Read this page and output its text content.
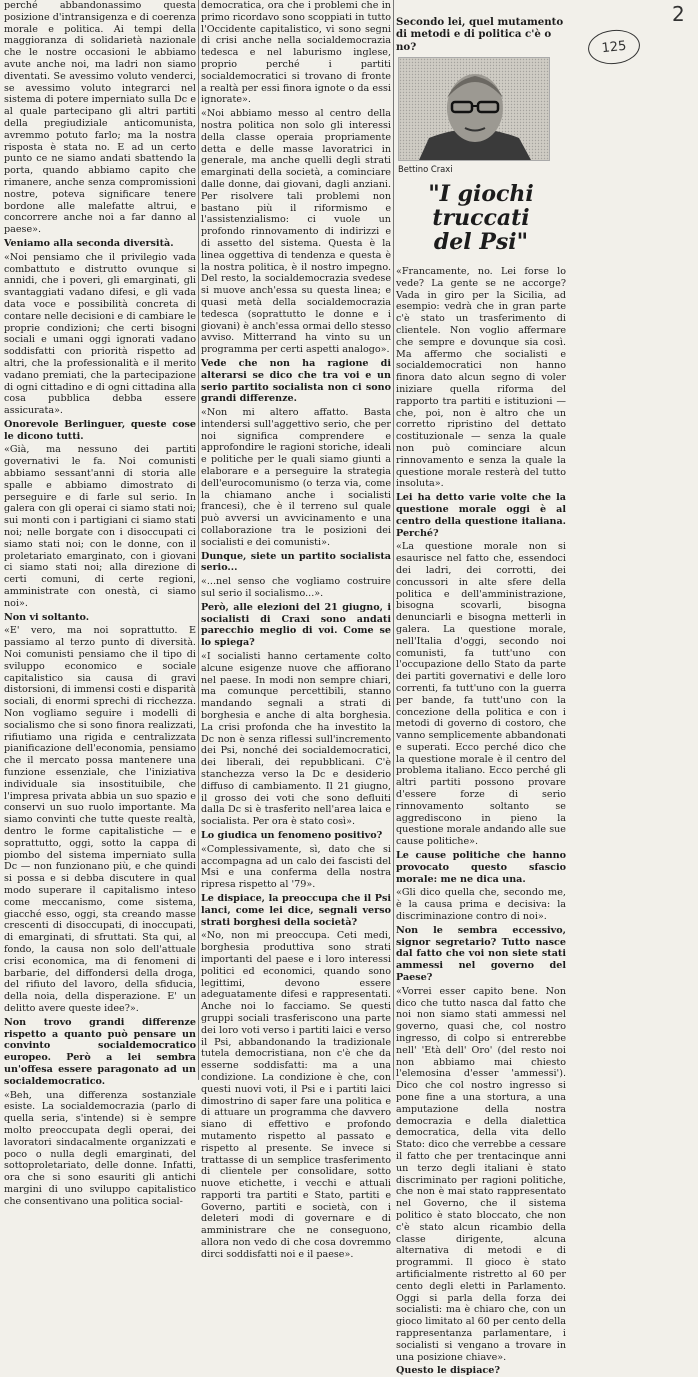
perché abbandonassimo questa posizione d'intransigenza e di coerenza morale e politica. Ai tempi della maggioranza di solidarietà nazionale che le nostre occasioni le abbiamo avute anche noi, ma ladri non siamo diventati. Se avessimo voluto venderci, se avessimo voluto integrarci nel sistema di potere imperniato sulla Dc e al quale partecipano gli altri partiti della pregiudiziale anticomunista, avremmo potuto farlo; ma la nostra risposta è stata no. E ad un certo punto ce ne siamo andati sbattendo la porta, quando abbiamo capito che rimanere, anche senza compromissioni nostre, poteva significare tenere bordone alle malefatte altrui, e concorrere anche noi a far danno al paese».

Veniamo alla seconda diversità.

«Noi pensiamo che il privilegio vada combattuto e distrutto ovunque si annidi, che i poveri, gli emarginati, gli svantaggiati vadano difesi, e gli vada data voce e possibilità concreta di contare nelle decisioni e di cambiare le proprie condizioni; che certi bisogni sociali e umani oggi ignorati vadano soddisfatti con priorità rispetto ad altri, che la professionalità e il merito vadano premiati, che la partecipazione di ogni cittadino e di ogni cittadina alla cosa pubblica debba essere assicurata».

Onorevole Berlinguer, queste cose le dicono tutti.

«Già, ma nessuno dei partiti governativi le fa. Noi comunisti abbiamo sessant'anni di storia alle spalle e abbiamo dimostrato di perseguire e di farle sul serio. In galera con gli operai ci siamo stati noi; sui monti con i partigiani ci siamo stati noi; nelle borgate con i disoccupati ci siamo stati noi; con le donne, con il proletariato emarginato, con i giovani ci siamo stati noi; alla direzione di certi comuni, di certe regioni, amministrate con onestà, ci siamo noi».

Non vi soltanto.

«E' vero, ma noi soprattutto. E passiamo al terzo punto di diversità. Noi comunisti pensiamo che il tipo di sviluppo economico e sociale capitalistico sia causa di gravi distorsioni, di immensi costi e disparità sociali, di enormi sprechi di ricchezza. Non vogliamo seguire i modelli di socialismo che si sono finora realizzati, rifiutiamo una rigida e centralizzata pianificazione dell'economia, pensiamo che il mercato possa mantenere una funzione essenziale, che l'iniziativa individuale sia insostituibile, che l'impresa privata abbia un suo spazio e conservi un suo ruolo importante. Ma siamo convinti che tutte queste realtà, dentro le forme capitalistiche — e soprattutto, oggi, sotto la cappa di piombo del sistema imperniato sulla Dc — non funzionano più, e che quindi si possa e si debba discutere in qual modo superare il capitalismo inteso come meccanismo, come sistema, giacché esso, oggi, sta creando masse crescenti di disoccupati, di inoccupati, di emarginati, di sfruttati. Sta qui, al fondo, la causa non solo dell'attuale crisi economica, ma di fenomeni di barbarie, del diffondersi della droga, del rifiuto del lavoro, della sfiducia, della noia, della disperazione. E' un delitto avere queste idee?».

Non trovo grandi differenze rispetto a quanto può pensare un convinto socialdemocratico europeo. Però a lei sembra un'offesa essere paragonato ad un socialdemocratico.

«Beh, una differenza sostanziale esiste. La socialdemocrazia (parlo di quella seria, s'intende) si è sempre molto preoccupata degli operai, dei lavoratori sindacalmente organizzati e poco o nulla degli emarginati, del sottoproletariato, delle donne. Infatti, ora che si sono esauriti gli antichi margini di uno sviluppo capitalistico che consentivano una politica social-

democratica, ora che i problemi che in primo ricordavo sono scoppiati in tutto l'Occidente capitalistico, vi sono segni di crisi anche nella socialdemocrazia tedesca e nel laburismo inglese, proprio perché i partiti socialdemocratici si trovano di fronte a realtà per essi finora ignote o da essi ignorate».

«Noi abbiamo messo al centro della nostra politica non solo gli interessi della classe operaia propriamente detta e delle masse lavoratrici in generale, ma anche quelli degli strati emarginati della società, a cominciare dalle donne, dai giovani, dagli anziani. Per risolvere tali problemi non bastano più il riformismo e l'assistenzialismo: ci vuole un profondo rinnovamento di indirizzi e di assetto del sistema. Questa è la linea oggettiva di tendenza e questa è la nostra politica, è il nostro impegno. Del resto, la socialdemocrazia svedese si muove anch'essa su questa linea; e quasi metà della socialdemocrazia tedesca (soprattutto le donne e i giovani) è anch'essa ormai dello stesso avviso. Mitterrand ha vinto su un programma per certi aspetti analogo».

Vede che non ha ragione di alterarsi se dico che tra voi e un serio partito socialista non ci sono grandi differenze.

«Non mi altero affatto. Basta intendersi sull'aggettivo serio, che per noi significa comprendere e approfondire le ragioni storiche, ideali e politiche per le quali siamo giunti a elaborare e a perseguire la strategia dell'eurocomunismo (o terza via, come la chiamano anche i socialisti francesi), che è il terreno sul quale può avversi un avvicinamento e una collaborazione tra le posizioni dei socialisti e dei comunisti».

Dunque, siete un partito socialista serio...

«...nel senso che vogliamo costruire sul serio il socialismo...».

Però, alle elezioni del 21 giugno, i socialisti di Craxi sono andati parecchio meglio di voi. Come se lo spiega?

«I socialisti hanno certamente colto alcune esigenze nuove che affiorano nel paese. In modi non sempre chiari, ma comunque percettibili, stanno mandando segnali a strati di borghesia e anche di alta borghesia. La crisi profonda che ha investito la Dc non è senza riflessi sull'incremento dei Psi, nonché dei socialdemocratici, dei liberali, dei repubblicani. C'è stanchezza verso la Dc e desiderio diffuso di cambiamento. Il 21 giugno, il grosso dei voti che sono defluiti dalla Dc si è trasferito nell'area laica e socialista. Per ora è stato così».

Lo giudica un fenomeno positivo?

«Complessivamente, sì, dato che si accompagna ad un calo dei fascisti del Msi e una conferma della nostra ripresa rispetto al '79».

Le dispiace, la preoccupa che il Psi lanci, come lei dice, segnali verso strati borghesi della società?

«No, non mi preoccupa. Ceti medi, borghesia produttiva sono strati importanti del paese e i loro interessi politici ed economici, quando sono legittimi, devono essere adeguatamente difesi e rappresentati. Anche noi lo facciamo. Se questi gruppi sociali trasferiscono una parte dei loro voti verso i partiti laici e verso il Psi, abbandonando la tradizionale tutela democristiana, non c'è che da esserne soddisfatti: ma a una condizione. La condizione è che, con questi nuovi voti, il Psi e i partiti laici dimostrino di saper fare una politica e di attuare un programma che davvero siano di effettivo e profondo mutamento rispetto al passato e rispetto al presente. Se invece si trattasse di un semplice trasferimento di clientele per consolidare, sotto nuove etichette, i vecchi e attuali rapporti tra partiti e Stato, partiti e Governo, partiti e società, con i deleteri modi di governare e di amministrare che ne conseguono, allora non vedo di che cosa dovremmo dirci soddisfatti noi e il paese».

Secondo lei, quel mutamento di metodi e di politica c'è o no?

Bettino Craxi
"I giochi
truccati
del Psi"

«Francamente, no. Lei forse lo vede? La gente se ne accorge? Vada in giro per la Sicilia, ad esempio: vedrà che in gran parte c'è stato un trasferimento di clientele. Non voglio affermare che sempre e dovunque sia così. Ma affermo che socialisti e socialdemocratici non hanno finora dato alcun segno di voler iniziare quella riforma del rapporto tra partiti e istituzioni — che, poi, non è altro che un corretto ripristino del dettato costituzionale — senza la quale non può cominciare alcun rinnovamento e senza la quale la questione morale resterà del tutto insoluta».

Lei ha detto varie volte che la questione morale oggi è al centro della questione italiana. Perché?

«La questione morale non si esaurisce nel fatto che, essendoci dei ladri, dei corrotti, dei concussori in alte sfere della politica e dell'amministrazione, bisogna scovarli, bisogna denunciarli e bisogna metterli in galera. La questione morale, nell'Italia d'oggi, secondo noi comunisti, fa tutt'uno con l'occupazione dello Stato da parte dei partiti governativi e delle loro correnti, fa tutt'uno con la guerra per bande, fa tutt'uno con la concezione della politica e con i metodi di governo di costoro, che vanno semplicemente abbandonati e superati. Ecco perché dico che la questione morale è il centro del problema italiano. Ecco perché gli altri partiti possono provare d'essere forze di serio rinnovamento soltanto se aggrediscono in pieno la questione morale andando alle sue cause politiche».

Le cause politiche che hanno provocato questo sfascio morale: me ne dica una.

«Gli dico quella che, secondo me, è la causa prima e decisiva: la discriminazione contro di noi».

Non le sembra eccessivo, signor segretario? Tutto nasce dal fatto che voi non siete stati ammessi nel governo del Paese?

«Vorrei esser capito bene. Non dico che tutto nasca dal fatto che noi non siamo stati ammessi nel governo, quasi che, col nostro ingresso, di colpo si entrerebbe nell' 'Età dell' Oro' (del resto noi non abbiamo mai chiesto l'elemosina d'esser 'ammessi'). Dico che col nostro ingresso si pone fine a una stortura, a una amputazione della nostra democrazia e della dialettica democratica, della vita dello Stato: dico che verrebbe a cessare il fatto che per trentacinque anni un terzo degli italiani è stato discriminato per ragioni politiche, che non è mai stato rappresentato nel Governo, che il sistema politico è stato bloccato, che non c'è stato alcun ricambio della classe dirigente, alcuna alternativa di metodi e di programmi. Il gioco è stato artificialmente ristretto al 60 per cento degli eletti in Parlamento. Oggi si parla della forza dei socialisti: ma è chiaro che, con un gioco limitato al 60 per cento della rappresentanza parlamentare, i socialisti si vengano a trovare in una posizione chiave».

Questo le dispiace?

2
125
